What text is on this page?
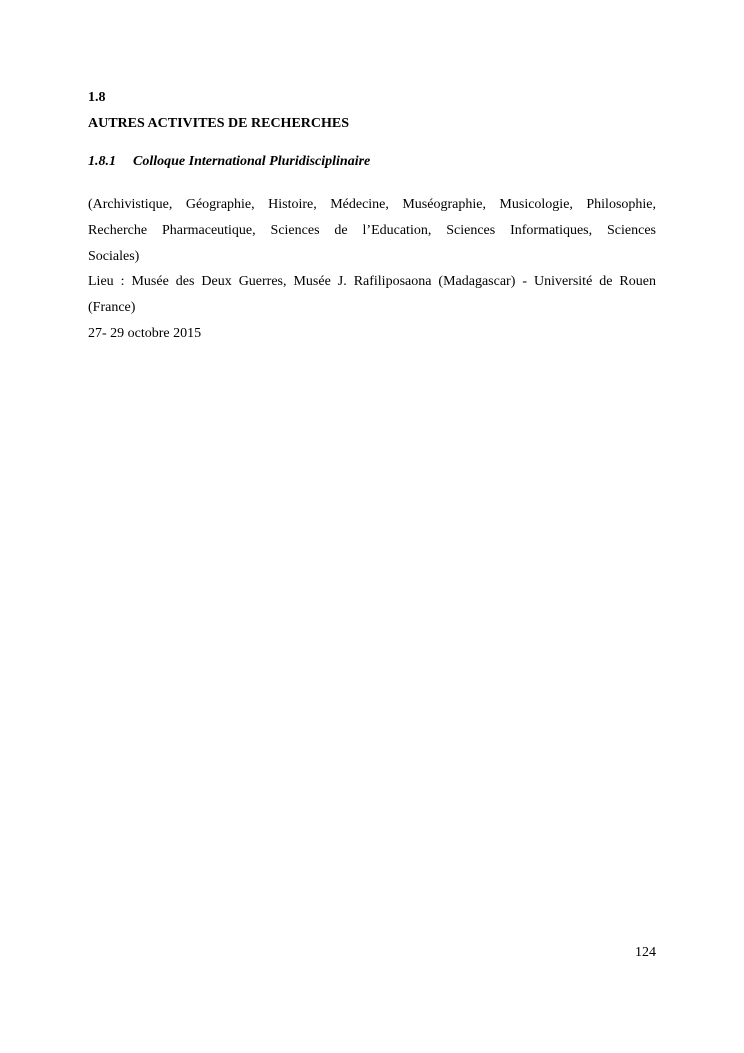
1.8
AUTRES ACTIVITES DE RECHERCHES
1.8.1 Colloque International Pluridisciplinaire
(Archivistique, Géographie, Histoire, Médecine, Muséographie, Musicologie, Philosophie,
Recherche Pharmaceutique, Sciences de l’Education, Sciences Informatiques, Sciences
Sociales)
Lieu : Musée des Deux Guerres, Musée J. Rafiliposaona (Madagascar) - Université de Rouen
(France)
27- 29 octobre 2015
124
